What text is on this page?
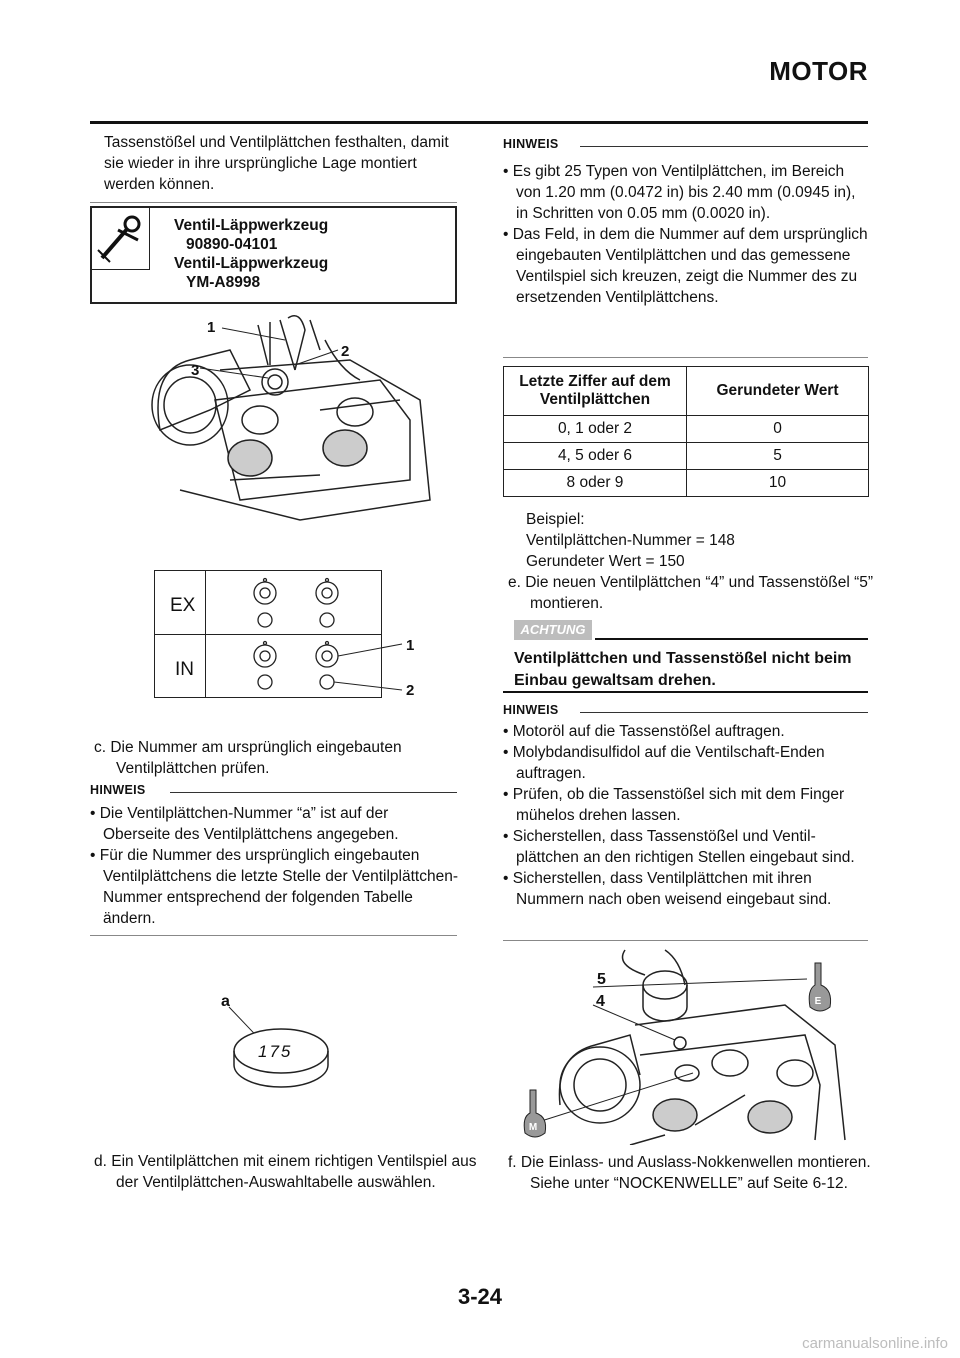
MOTOR
Tassenstößel und Ventilplättchen festhalten, damit sie wieder in ihre ursprüngliche Lage montiert werden können.
Ventil-Läppwerkzeug
90890-04101
Ventil-Läppwerkzeug
YM-A8998
1
2
3
EX
IN
1
2
c. Die Nummer am ursprünglich eingebauten Ventilplättchen prüfen.
HINWEIS
• Die Ventilplättchen-Nummer “a” ist auf der Oberseite des Ventilplättchens angegeben.
• Für die Nummer des ursprünglich eingebauten Ventilplättchens die letzte Stelle der Ventilplättchen-Nummer entsprechend der folgenden Tabelle ändern.
a
175
d. Ein Ventilplättchen mit einem richtigen Ventilspiel aus der Ventilplättchen-Auswahltabelle auswählen.
HINWEIS
• Es gibt 25 Typen von Ventilplättchen, im Bereich von 1.20 mm (0.0472 in) bis 2.40 mm (0.0945 in), in Schritten von 0.05 mm (0.0020 in).
• Das Feld, in dem die Nummer auf dem ursprünglich eingebauten Ventilplättchen und das gemessene Ventilspiel sich kreuzen, zeigt die Nummer des zu ersetzenden Ventilplättchens.
Letzte Ziffer auf dem
Ventilplättchen	Gerundeter Wert
0, 1 oder 2	0
4, 5 oder 6	5
8 oder 9	10
Beispiel:
Ventilplättchen-Nummer = 148
Gerundeter Wert = 150
e. Die neuen Ventilplättchen “4” und Tassenstößel “5” montieren.
ACHTUNG
Ventilplättchen und Tassenstößel nicht beim Einbau gewaltsam drehen.
HINWEIS
• Motoröl auf die Tassenstößel auftragen.
• Molybdandisulfidol auf die Ventilschaft-Enden auftragen.
• Prüfen, ob die Tassenstößel sich mit dem Finger mühelos drehen lassen.
• Sicherstellen, dass Tassenstößel und Ventilplättchen an den richtigen Stellen eingebaut sind.
• Sicherstellen, dass Ventilplättchen mit ihren Nummern nach oben weisend eingebaut sind.
5
4	E
M
f. Die Einlass- und Auslass-Nokkenwellen montieren.
Siehe unter “NOCKENWELLE” auf Seite 6-12.
3-24
carmanualsonline.info
